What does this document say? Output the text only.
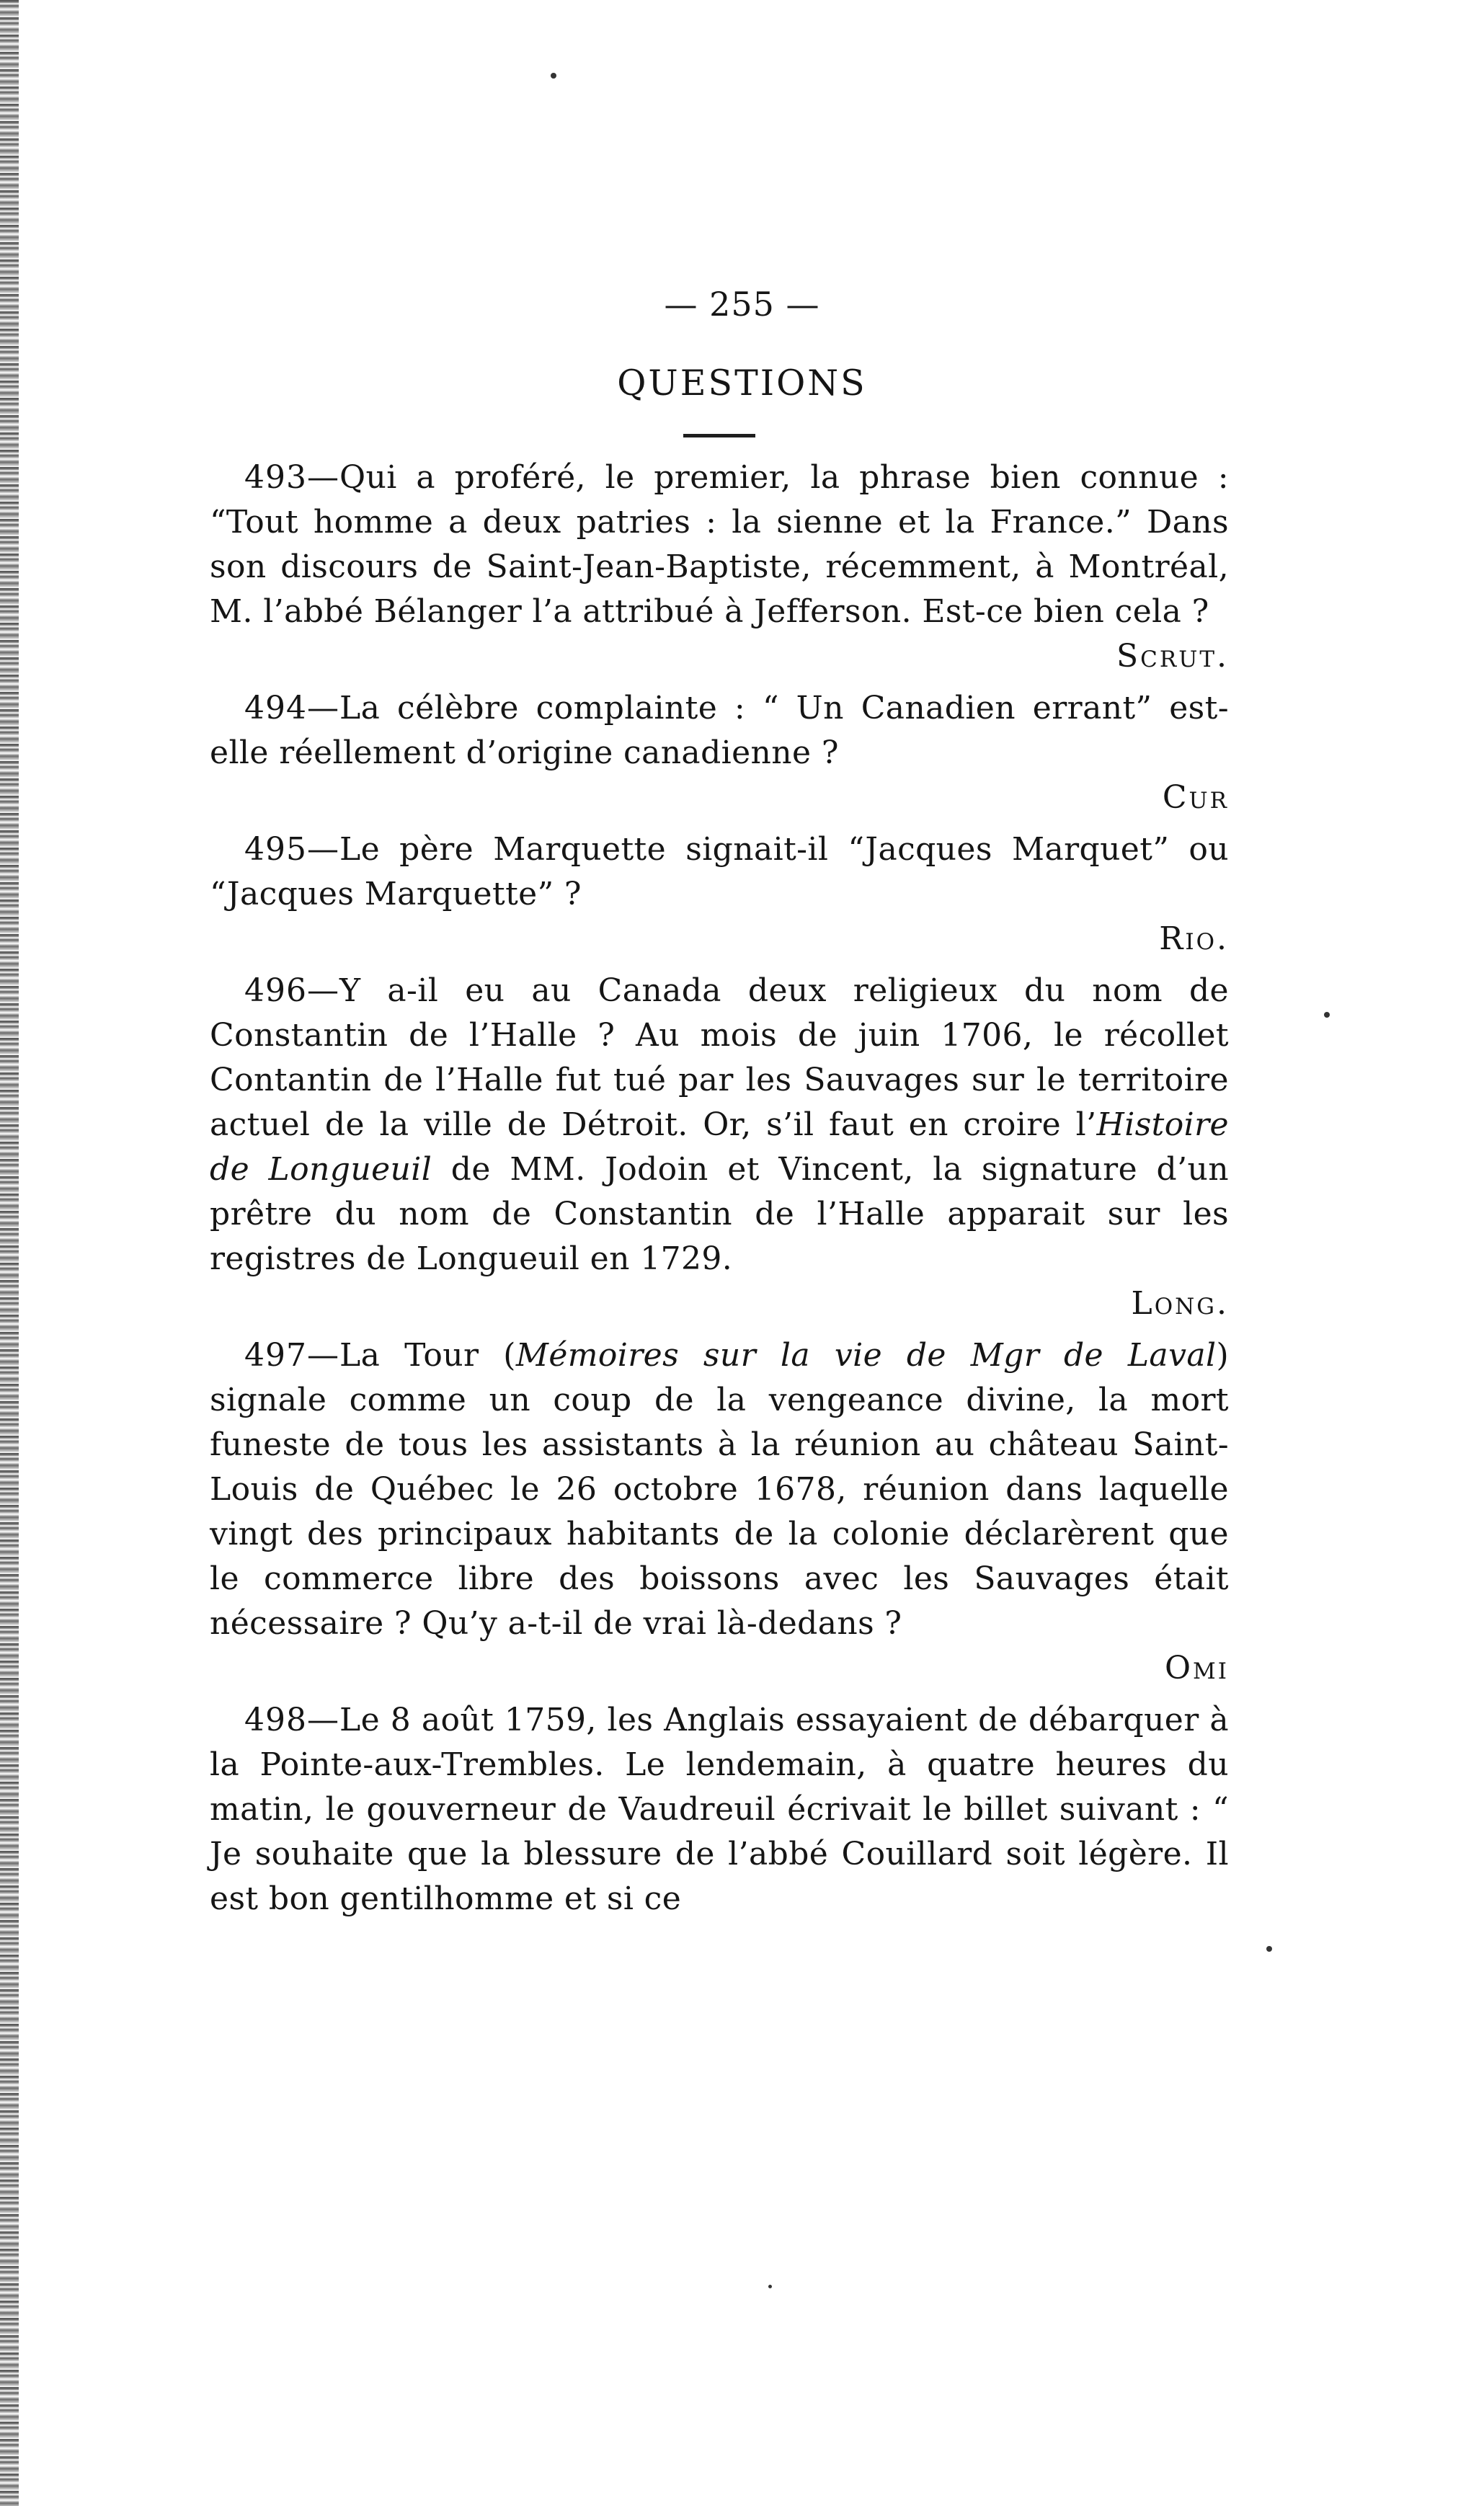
— 255 —
QUESTIONS

493—Qui a proféré, le premier, la phrase bien connue : “Tout homme a deux patries : la sienne et la France.” Dans son discours de Saint-Jean-Baptiste, récemment, à Montréal, M. l’abbé Bélanger l’a attribué à Jefferson. Est-ce bien cela ?

Scrut.

494—La célèbre complainte : “ Un Canadien errant” est-elle réellement d’origine canadienne ?

Cur

495—Le père Marquette signait-il “Jacques Marquet” ou “Jacques Marquette” ?

Rio.

496—Y a-il eu au Canada deux religieux du nom de Constantin de l’Halle ? Au mois de juin 1706, le récollet Contantin de l’Halle fut tué par les Sauvages sur le territoire actuel de la ville de Détroit. Or, s’il faut en croire l’Histoire de Longueuil de MM. Jodoin et Vincent, la signature d’un prêtre du nom de Constantin de l’Halle apparait sur les registres de Longueuil en 1729.

Long.

497—La Tour (Mémoires sur la vie de Mgr de Laval) signale comme un coup de la vengeance divine, la mort funeste de tous les assistants à la réunion au château Saint-Louis de Québec le 26 octobre 1678, réunion dans laquelle vingt des principaux habitants de la colonie déclarèrent que le commerce libre des boissons avec les Sauvages était nécessaire ? Qu’y a-t-il de vrai là-dedans ?

Omi

498—Le 8 août 1759, les Anglais essayaient de débarquer à la Pointe-aux-Trembles. Le lendemain, à quatre heures du matin, le gouverneur de Vaudreuil écrivait le billet suivant : “ Je souhaite que la blessure de l’abbé Couillard soit légère. Il est bon gentilhomme et si ce
